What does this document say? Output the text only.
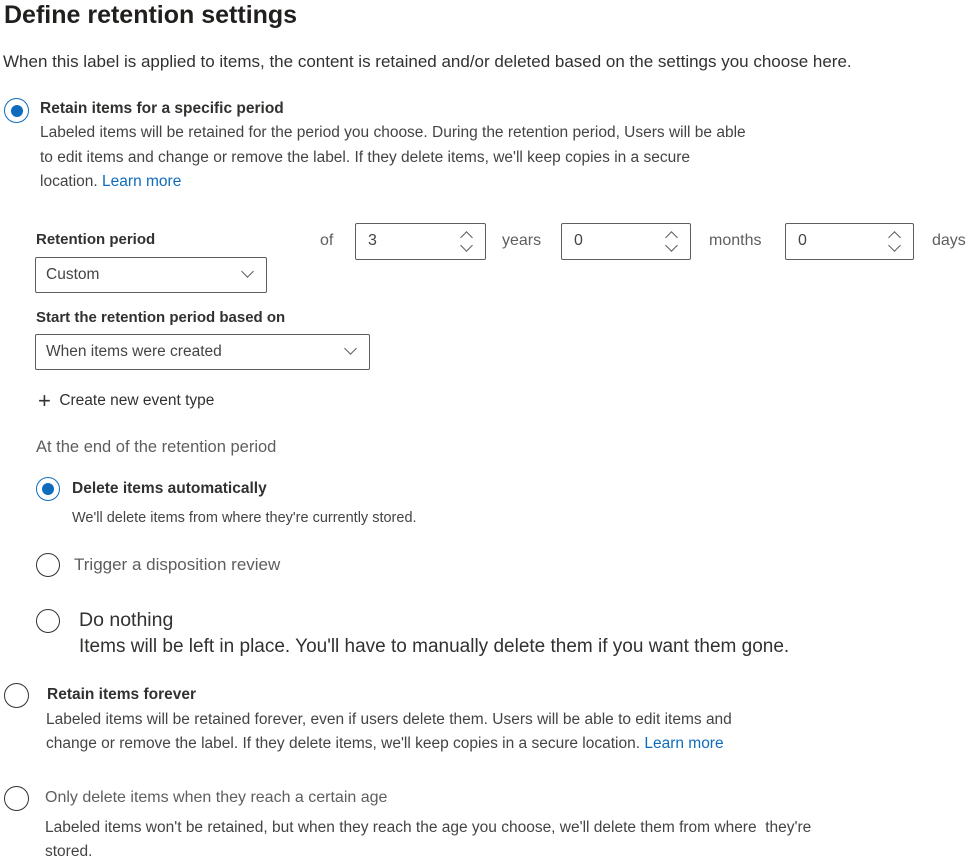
Define retention settings
When this label is applied to items, the content is retained and/or deleted based on the settings you choose here.
Retain items for a specific period
Labeled items will be retained for the period you choose. During the retention period, Users will be able
to edit items and change or remove the label. If they delete items, we'll keep copies in a secure
location. Learn more
Retention period
Custom
of 3	years 0	months 0	days
Start the retention period based on
When items were created
+ Create new event type
At the end of the retention period
Delete items automatically
We'll delete items from where they're currently stored.
Trigger a disposition review
Do nothing
Items will be left in place. You'll have to manually delete them if you want them gone.
Retain items forever
Labeled items will be retained forever, even if users delete them. Users will be able to edit items and
change or remove the label. If they delete items, we'll keep copies in a secure location. Learn more
Only delete items when they reach a certain age
Labeled items won't be retained, but when they reach the age you choose, we'll delete them from where  they're
stored.
